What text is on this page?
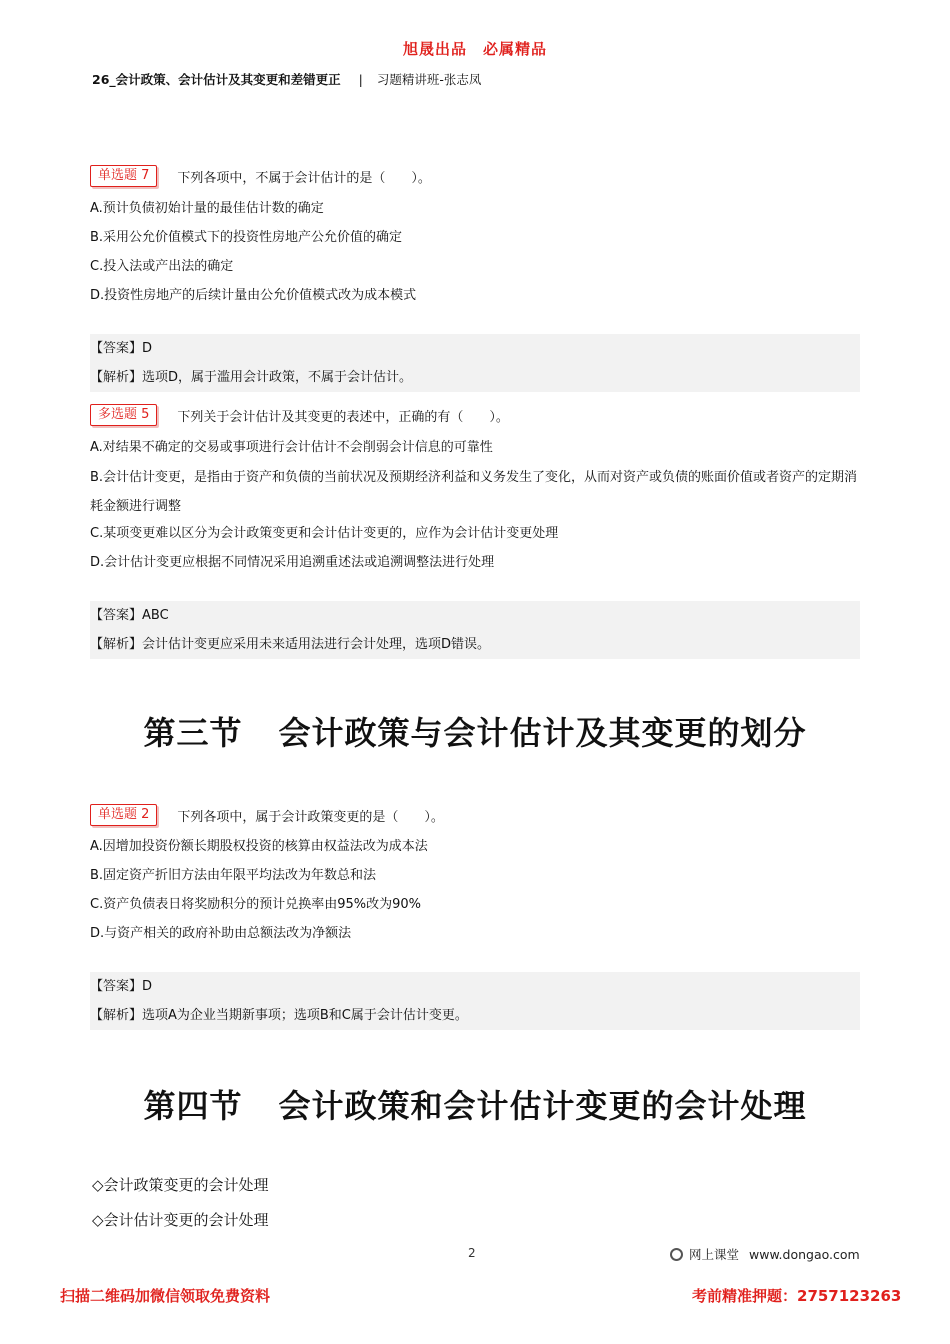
旭晟出品　必属精品
26_会计政策、会计估计及其变更和差错更正 | 习题精讲班-张志凤
单选题 7	下列各项中，不属于会计估计的是（　　）。
A.预计负债初始计量的最佳估计数的确定
B.采用公允价值模式下的投资性房地产公允价值的确定
C.投入法或产出法的确定
D.投资性房地产的后续计量由公允价值模式改为成本模式
【答案】D
【解析】选项D，属于滥用会计政策，不属于会计估计。
多选题 5	下列关于会计估计及其变更的表述中，正确的有（　　）。
A.对结果不确定的交易或事项进行会计估计不会削弱会计信息的可靠性
B.会计估计变更，是指由于资产和负债的当前状况及预期经济利益和义务发生了变化，从而对资产或负债的账面价值或者资产的定期消耗金额进行调整
C.某项变更难以区分为会计政策变更和会计估计变更的，应作为会计估计变更处理
D.会计估计变更应根据不同情况采用追溯重述法或追溯调整法进行处理
【答案】ABC
【解析】会计估计变更应采用未来适用法进行会计处理，选项D错误。
第三节 会计政策与会计估计及其变更的划分
单选题 2	下列各项中，属于会计政策变更的是（　　）。
A.因增加投资份额长期股权投资的核算由权益法改为成本法
B.固定资产折旧方法由年限平均法改为年数总和法
C.资产负债表日将奖励积分的预计兑换率由95%改为90%
D.与资产相关的政府补助由总额法改为净额法
【答案】D
【解析】选项A为企业当期新事项；选项B和C属于会计估计变更。
第四节 会计政策和会计估计变更的会计处理
◇会计政策变更的会计处理
◇会计估计变更的会计处理
2	网上课堂 www.dongao.com
扫描二维码加微信领取免费资料	考前精准押题：2757123263
